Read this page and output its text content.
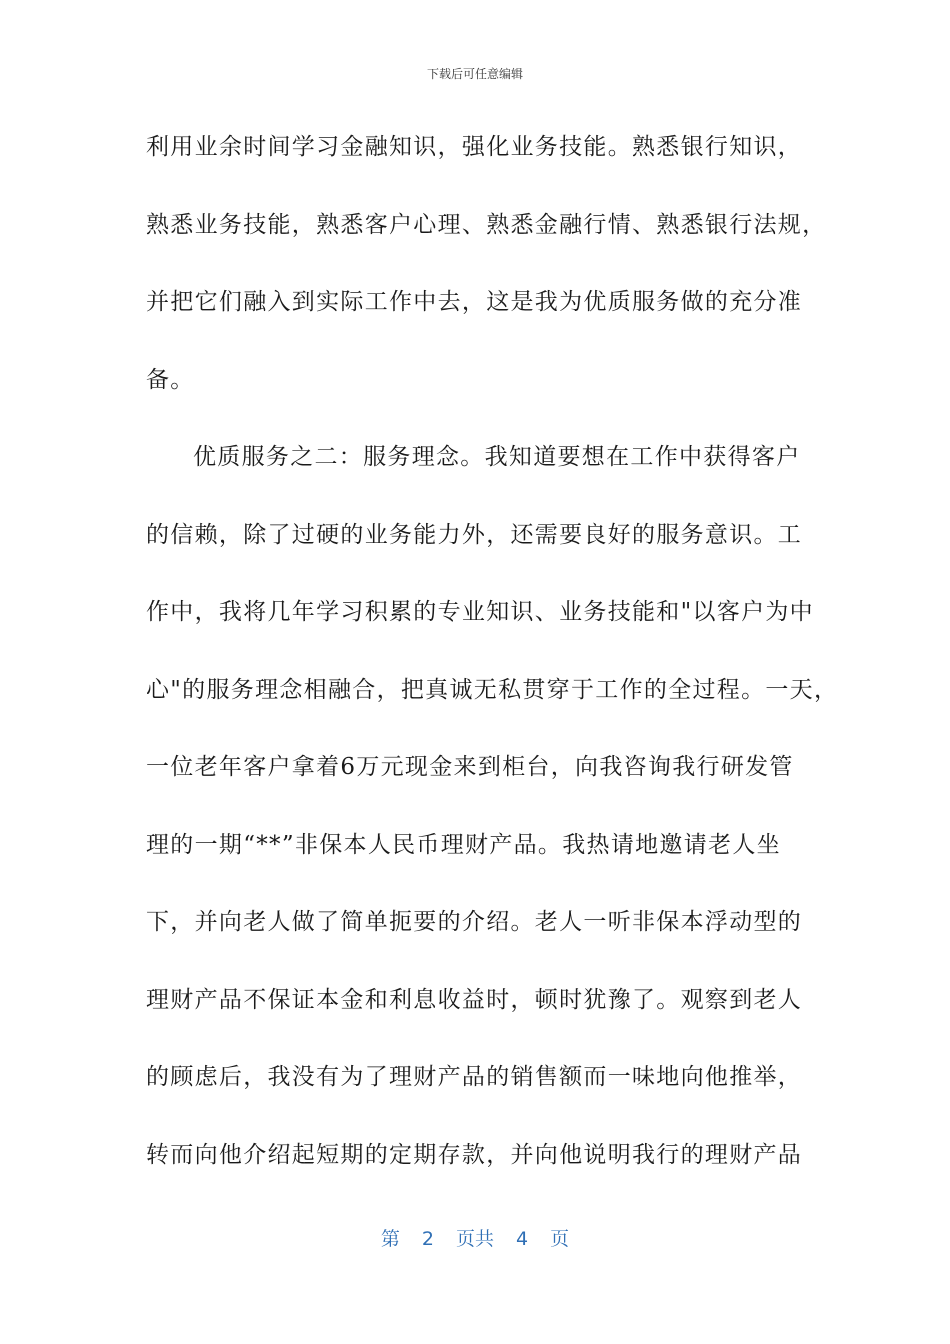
下载后可任意编辑
利用业余时间学习金融知识，强化业务技能。熟悉银行知识，
熟悉业务技能，熟悉客户心理、熟悉金融行情、熟悉银行法规，
并把它们融入到实际工作中去，这是我为优质服务做的充分准
备。
优质服务之二：服务理念。我知道要想在工作中获得客户
的信赖，除了过硬的业务能力外，还需要良好的服务意识。工
作中，我将几年学习积累的专业知识、业务技能和"以客户为中
心"的服务理念相融合，把真诚无私贯穿于工作的全过程。一天，
一位老年客户拿着6万元现金来到柜台，向我咨询我行研发管
理的一期“**”非保本人民币理财产品。我热请地邀请老人坐
下，并向老人做了简单扼要的介绍。老人一听非保本浮动型的
理财产品不保证本金和利息收益时，顿时犹豫了。观察到老人
的顾虑后，我没有为了理财产品的销售额而一味地向他推举，
转而向他介绍起短期的定期存款，并向他说明我行的理财产品
第 2 页共 4 页
